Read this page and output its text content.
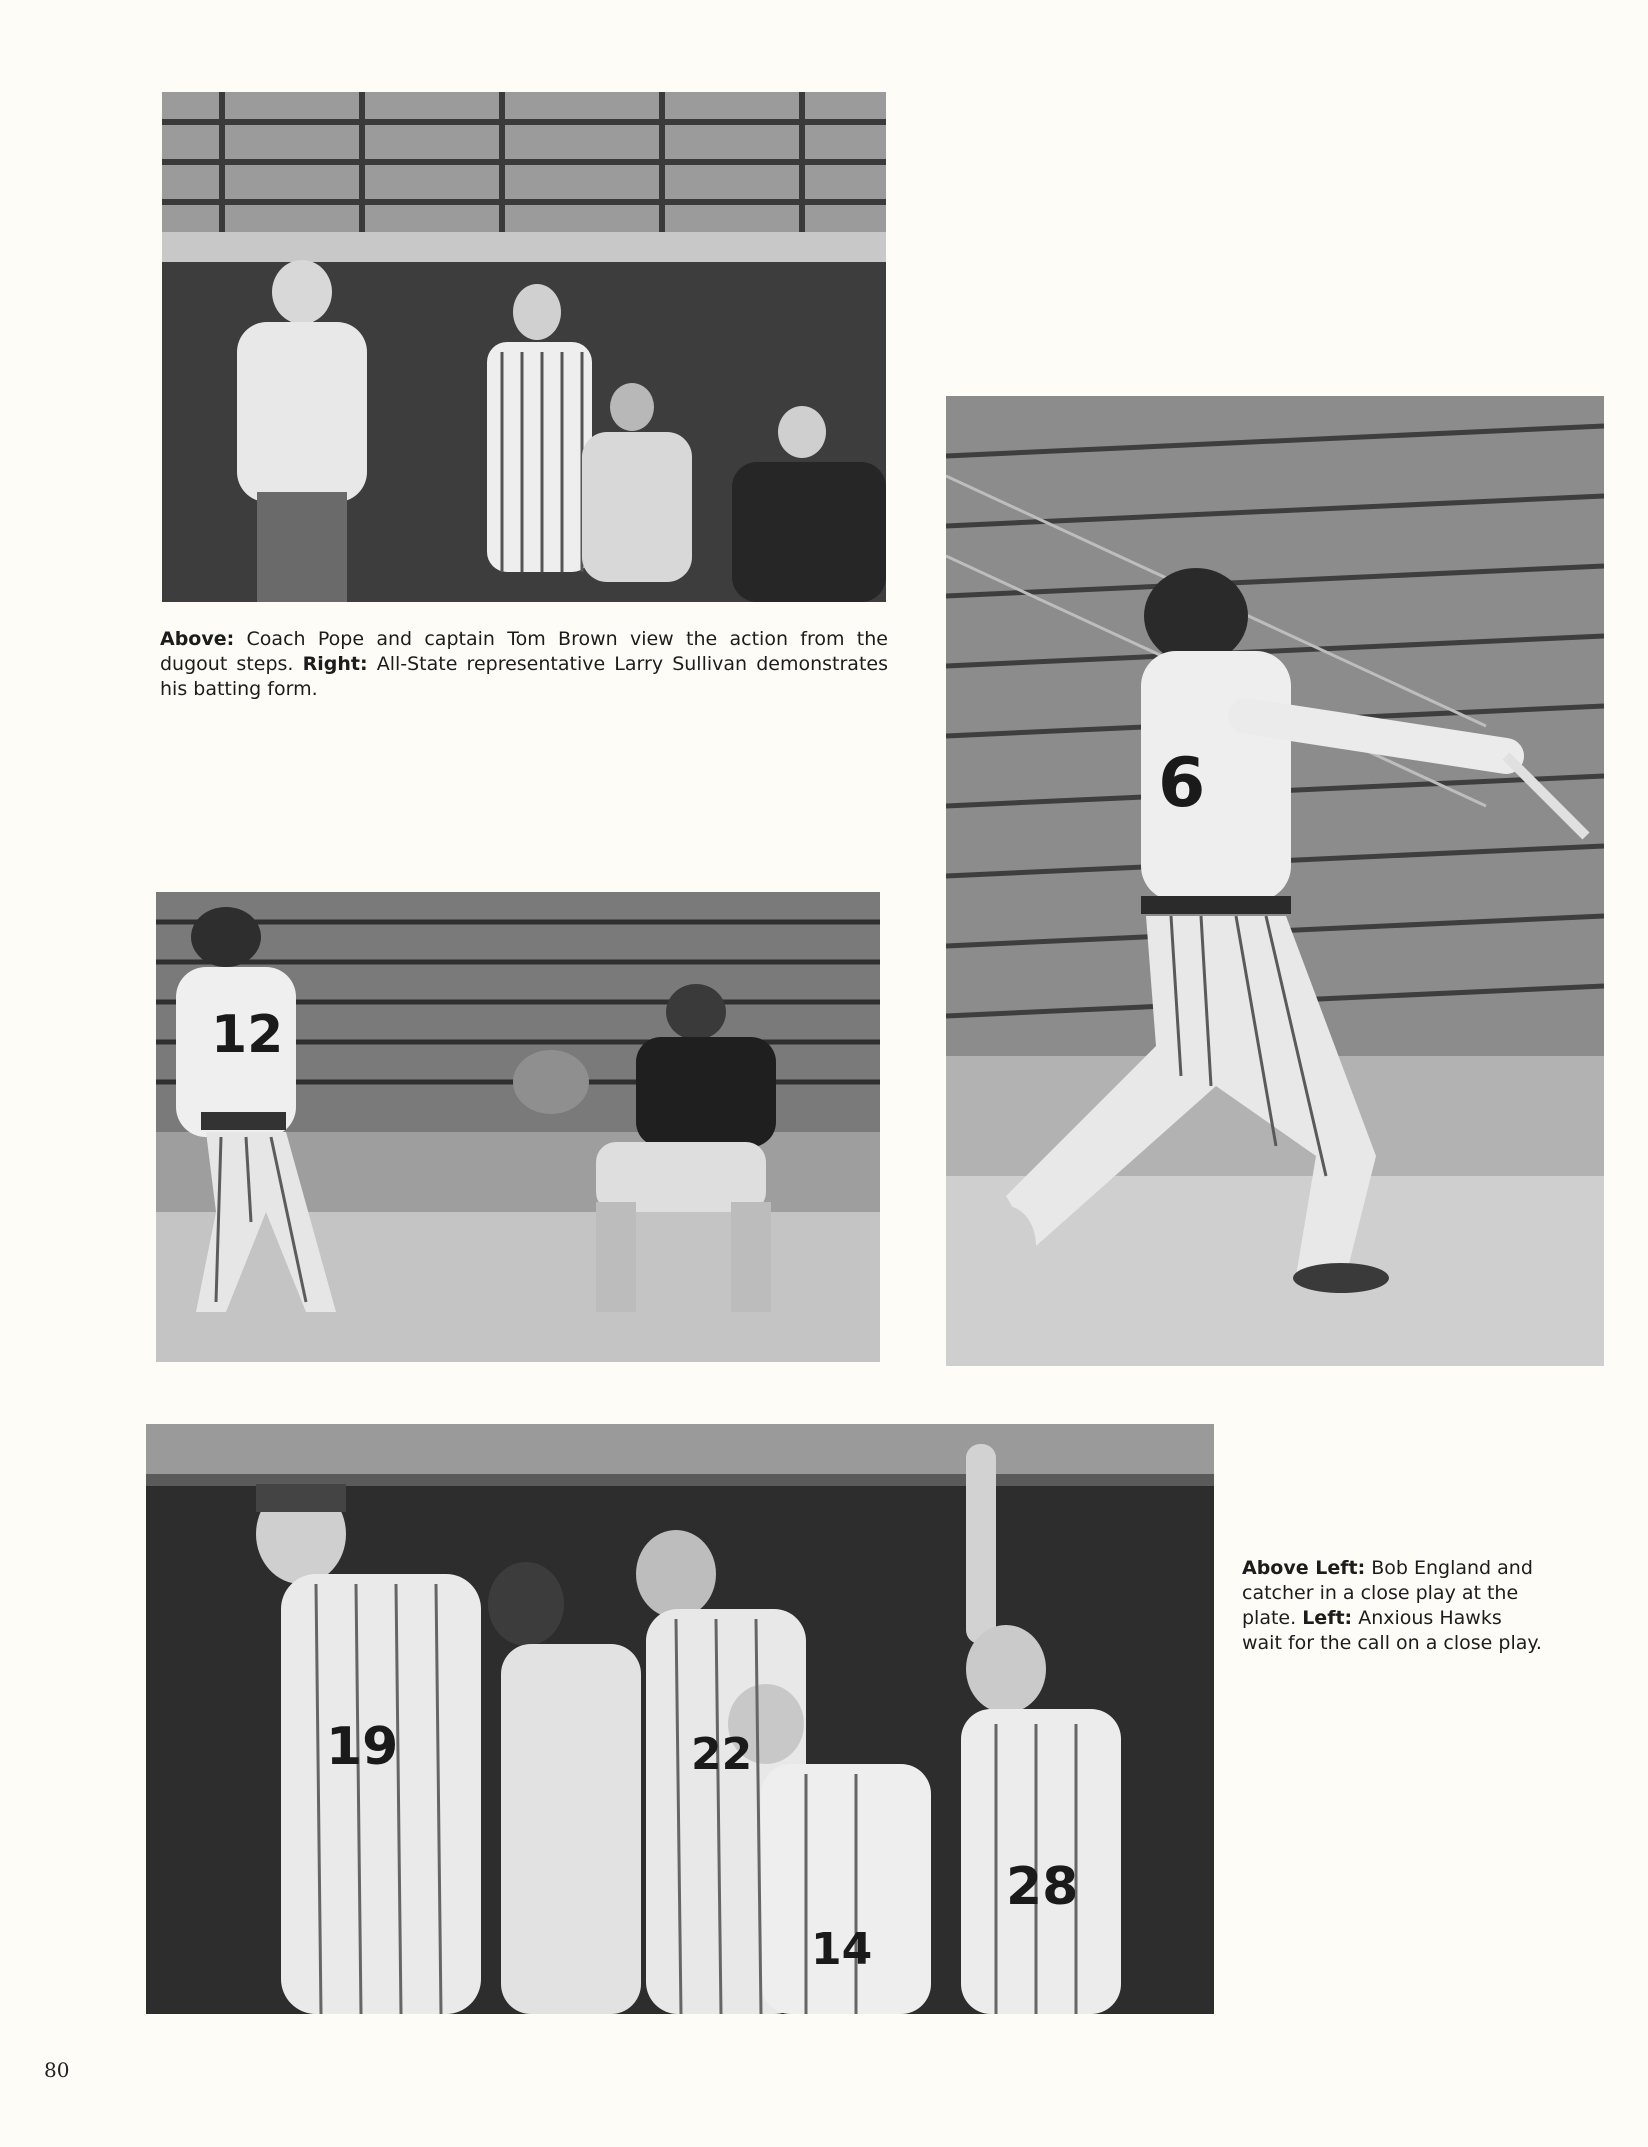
Above: Coach Pope and captain Tom Brown view the action from the dugout steps. Right: All-State representative Larry Sullivan demonstrates his batting form.

6
12
19	22
14
28

Above Left: Bob England and catcher in a close play at the plate. Left: Anxious Hawks wait for the call on a close play.

80
